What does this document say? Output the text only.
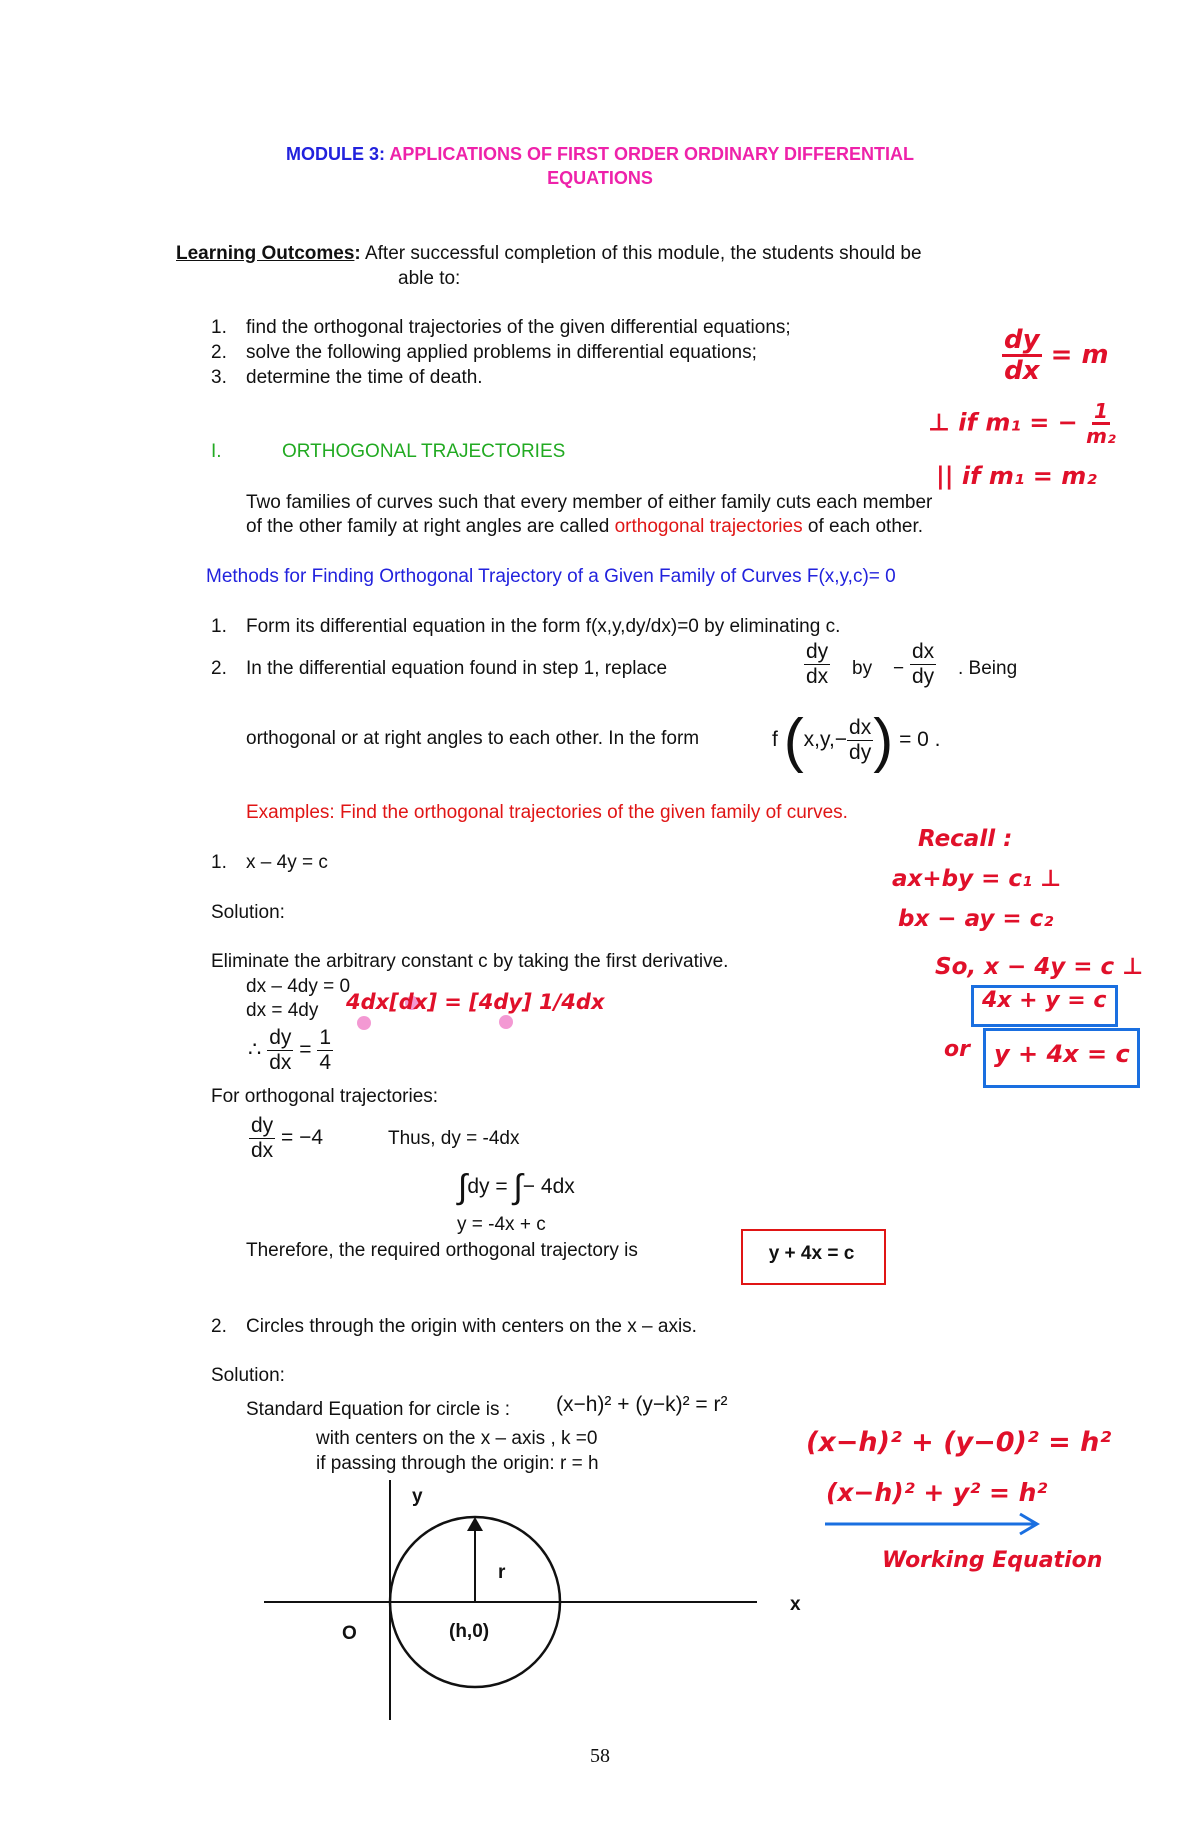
MODULE 3: APPLICATIONS OF FIRST ORDER ORDINARY DIFFERENTIAL
EQUATIONS
Learning Outcomes: After successful completion of this module, the students should be
able to:
1. find the orthogonal trajectories of the given differential equations;
2. solve the following applied problems in differential equations;
3. determine the time of death.
I.	ORTHOGONAL TRAJECTORIES
Two families of curves such that every member of either family cuts each member
of the other family at right angles are called orthogonal trajectories of each other.
Methods for Finding Orthogonal Trajectory of a Given Family of Curves F(x,y,c)= 0
1. Form its differential equation in the form f(x,y,dy/dx)=0 by eliminating c.
2. In the differential equation found in step 1, replace	$\frac{dy}{dx}$ by − $\frac{dx}{dy}$ . Being
orthogonal or at right angles to each other. In the form	f ($x,y,- \frac{dx}{dy}$ ) = 0 .
Examples: Find the orthogonal trajectories of the given family of curves.
1. x – 4y = c
Solution:
Eliminate the arbitrary constant c by taking the first derivative.
dx – 4dy = 0
dx = 4dy
∴ $\frac{dy}{dx} = \frac{1}{4}$
For orthogonal trajectories:
$\frac{dy}{dx} = -4$	Thus, dy = -4dx
∫dy = ∫− 4dx
y = -4x + c
Therefore, the required orthogonal trajectory is	y + 4x = c
2. Circles through the origin with centers on the x – axis.
Solution:
Standard Equation for circle is : (x−h)² + (y−k)² = r²
with centers on the x – axis , k =0
if passing through the origin: r = h
y
x
r
O	(h,0)
$\frac{dy}{dx} = m$
⊥ if m₁ = − $\frac{1}{\text{m₂}}$
|| if m₁ = m₂
Recall :
ax+by = c₁ ⊥
bx − ay = c₂
So, x − 4y = c ⊥
4x + y = c
or y + 4x = c
4dx[dx] = [4dy] 1/4dx
(x−h)² + (y−0)² = h²
(x−h)² + y² = h²
Working Equation
58
